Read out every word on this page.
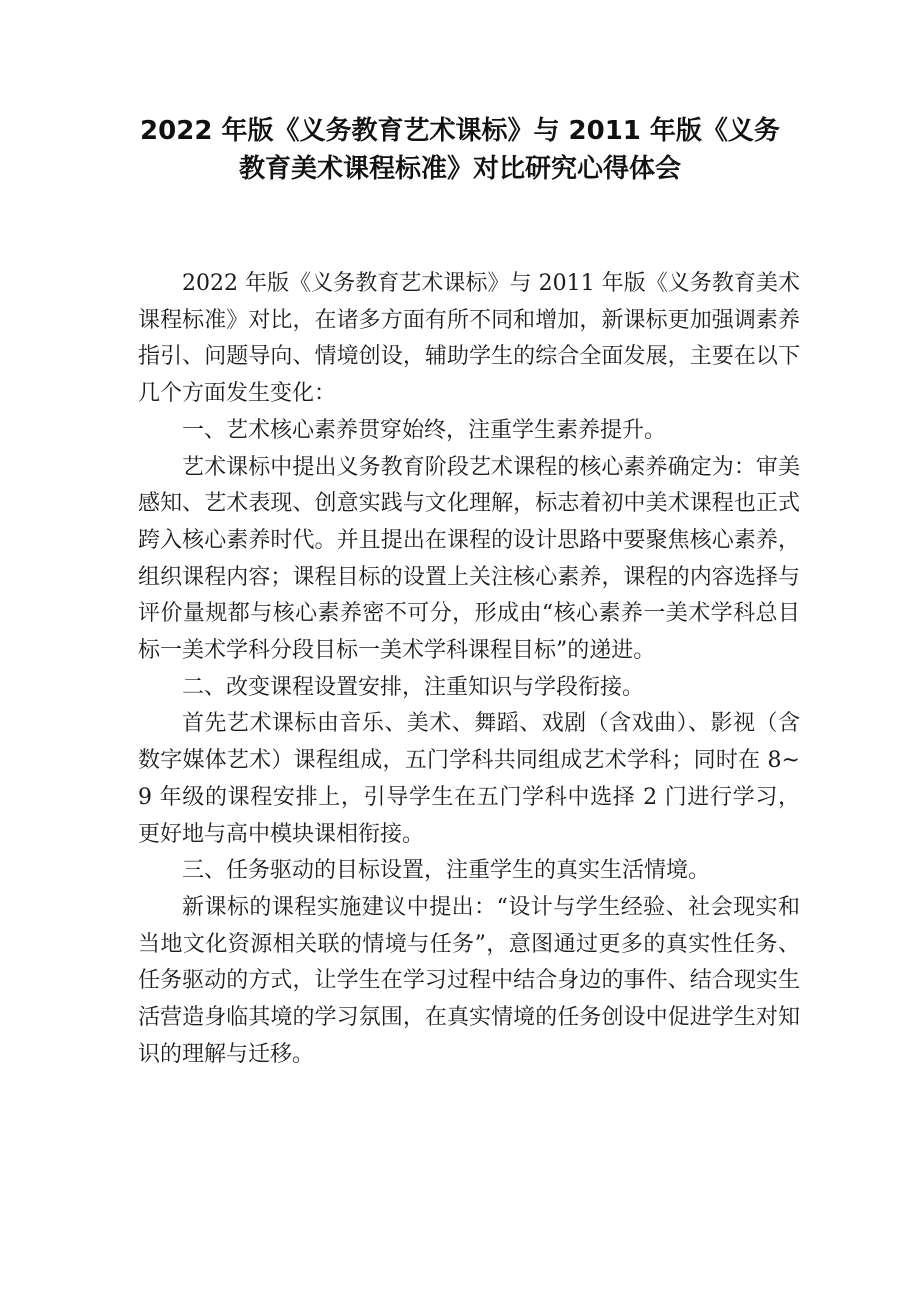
2022 年版《义务教育艺术课标》与 2011 年版《义务
教育美术课程标准》对比研究心得体会

2022 年版《义务教育艺术课标》与 2011 年版《义务教育美术课程标准》对比，在诸多方面有所不同和增加，新课标更加强调素养指引、问题导向、情境创设，辅助学生的综合全面发展，主要在以下几个方面发生变化：

一、艺术核心素养贯穿始终，注重学生素养提升。

艺术课标中提出义务教育阶段艺术课程的核心素养确定为：审美感知、艺术表现、创意实践与文化理解，标志着初中美术课程也正式跨入核心素养时代。并且提出在课程的设计思路中要聚焦核心素养，组织课程内容；课程目标的设置上关注核心素养，课程的内容选择与评价量规都与核心素养密不可分，形成由“核心素养一美术学科总目标一美术学科分段目标一美术学科课程目标”的递进。

二、改变课程设置安排，注重知识与学段衔接。

首先艺术课标由音乐、美术、舞蹈、戏剧（含戏曲）、影视（含数字媒体艺术）课程组成，五门学科共同组成艺术学科；同时在 8~9 年级的课程安排上，引导学生在五门学科中选择 2 门进行学习，更好地与高中模块课相衔接。

三、任务驱动的目标设置，注重学生的真实生活情境。

新课标的课程实施建议中提出：“设计与学生经验、社会现实和当地文化资源相关联的情境与任务”，意图通过更多的真实性任务、任务驱动的方式，让学生在学习过程中结合身边的事件、结合现实生活营造身临其境的学习氛围，在真实情境的任务创设中促进学生对知识的理解与迁移。
